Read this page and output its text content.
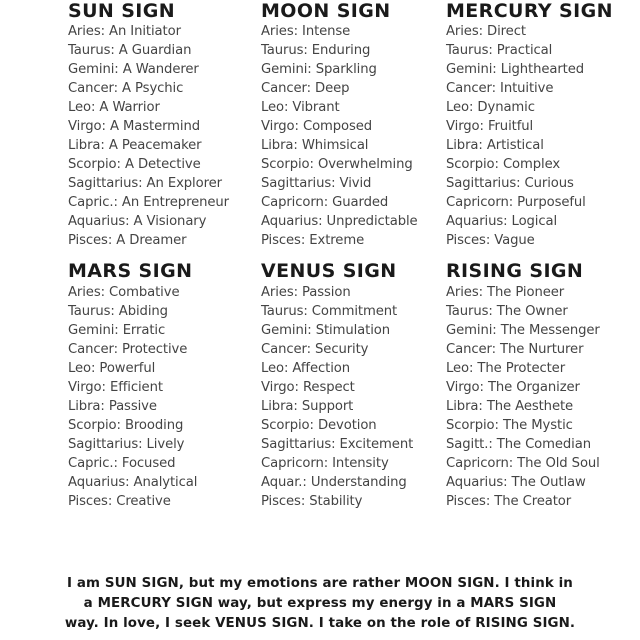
SUN SIGN
Aries: An Initiator
Taurus: A Guardian
Gemini: A Wanderer
Cancer: A Psychic
Leo: A Warrior
Virgo: A Mastermind
Libra: A Peacemaker
Scorpio: A Detective
Sagittarius: An Explorer
Capric.: An Entrepreneur
Aquarius: A Visionary
Pisces: A Dreamer
MOON SIGN
Aries: Intense
Taurus: Enduring
Gemini: Sparkling
Cancer: Deep
Leo: Vibrant
Virgo: Composed
Libra: Whimsical
Scorpio: Overwhelming
Sagittarius: Vivid
Capricorn: Guarded
Aquarius: Unpredictable
Pisces: Extreme
MERCURY SIGN
Aries: Direct
Taurus: Practical
Gemini: Lighthearted
Cancer: Intuitive
Leo: Dynamic
Virgo: Fruitful
Libra: Artistical
Scorpio: Complex
Sagittarius: Curious
Capricorn: Purposeful
Aquarius: Logical
Pisces: Vague
MARS SIGN
Aries: Combative
Taurus: Abiding
Gemini: Erratic
Cancer: Protective
Leo: Powerful
Virgo: Efficient
Libra: Passive
Scorpio: Brooding
Sagittarius: Lively
Capric.: Focused
Aquarius: Analytical
Pisces: Creative
VENUS SIGN
Aries: Passion
Taurus: Commitment
Gemini: Stimulation
Cancer: Security
Leo: Affection
Virgo: Respect
Libra: Support
Scorpio: Devotion
Sagittarius: Excitement
Capricorn: Intensity
Aquar.: Understanding
Pisces: Stability
RISING SIGN
Aries: The Pioneer
Taurus: The Owner
Gemini: The Messenger
Cancer: The Nurturer
Leo: The Protecter
Virgo: The Organizer
Libra: The Aesthete
Scorpio: The Mystic
Sagitt.: The Comedian
Capricorn: The Old Soul
Aquarius: The Outlaw
Pisces: The Creator

I am SUN SIGN, but my emotions are rather MOON SIGN. I think in

a MERCURY SIGN way, but express my energy in a MARS SIGN

way. In love, I seek VENUS SIGN. I take on the role of RISING SIGN.
